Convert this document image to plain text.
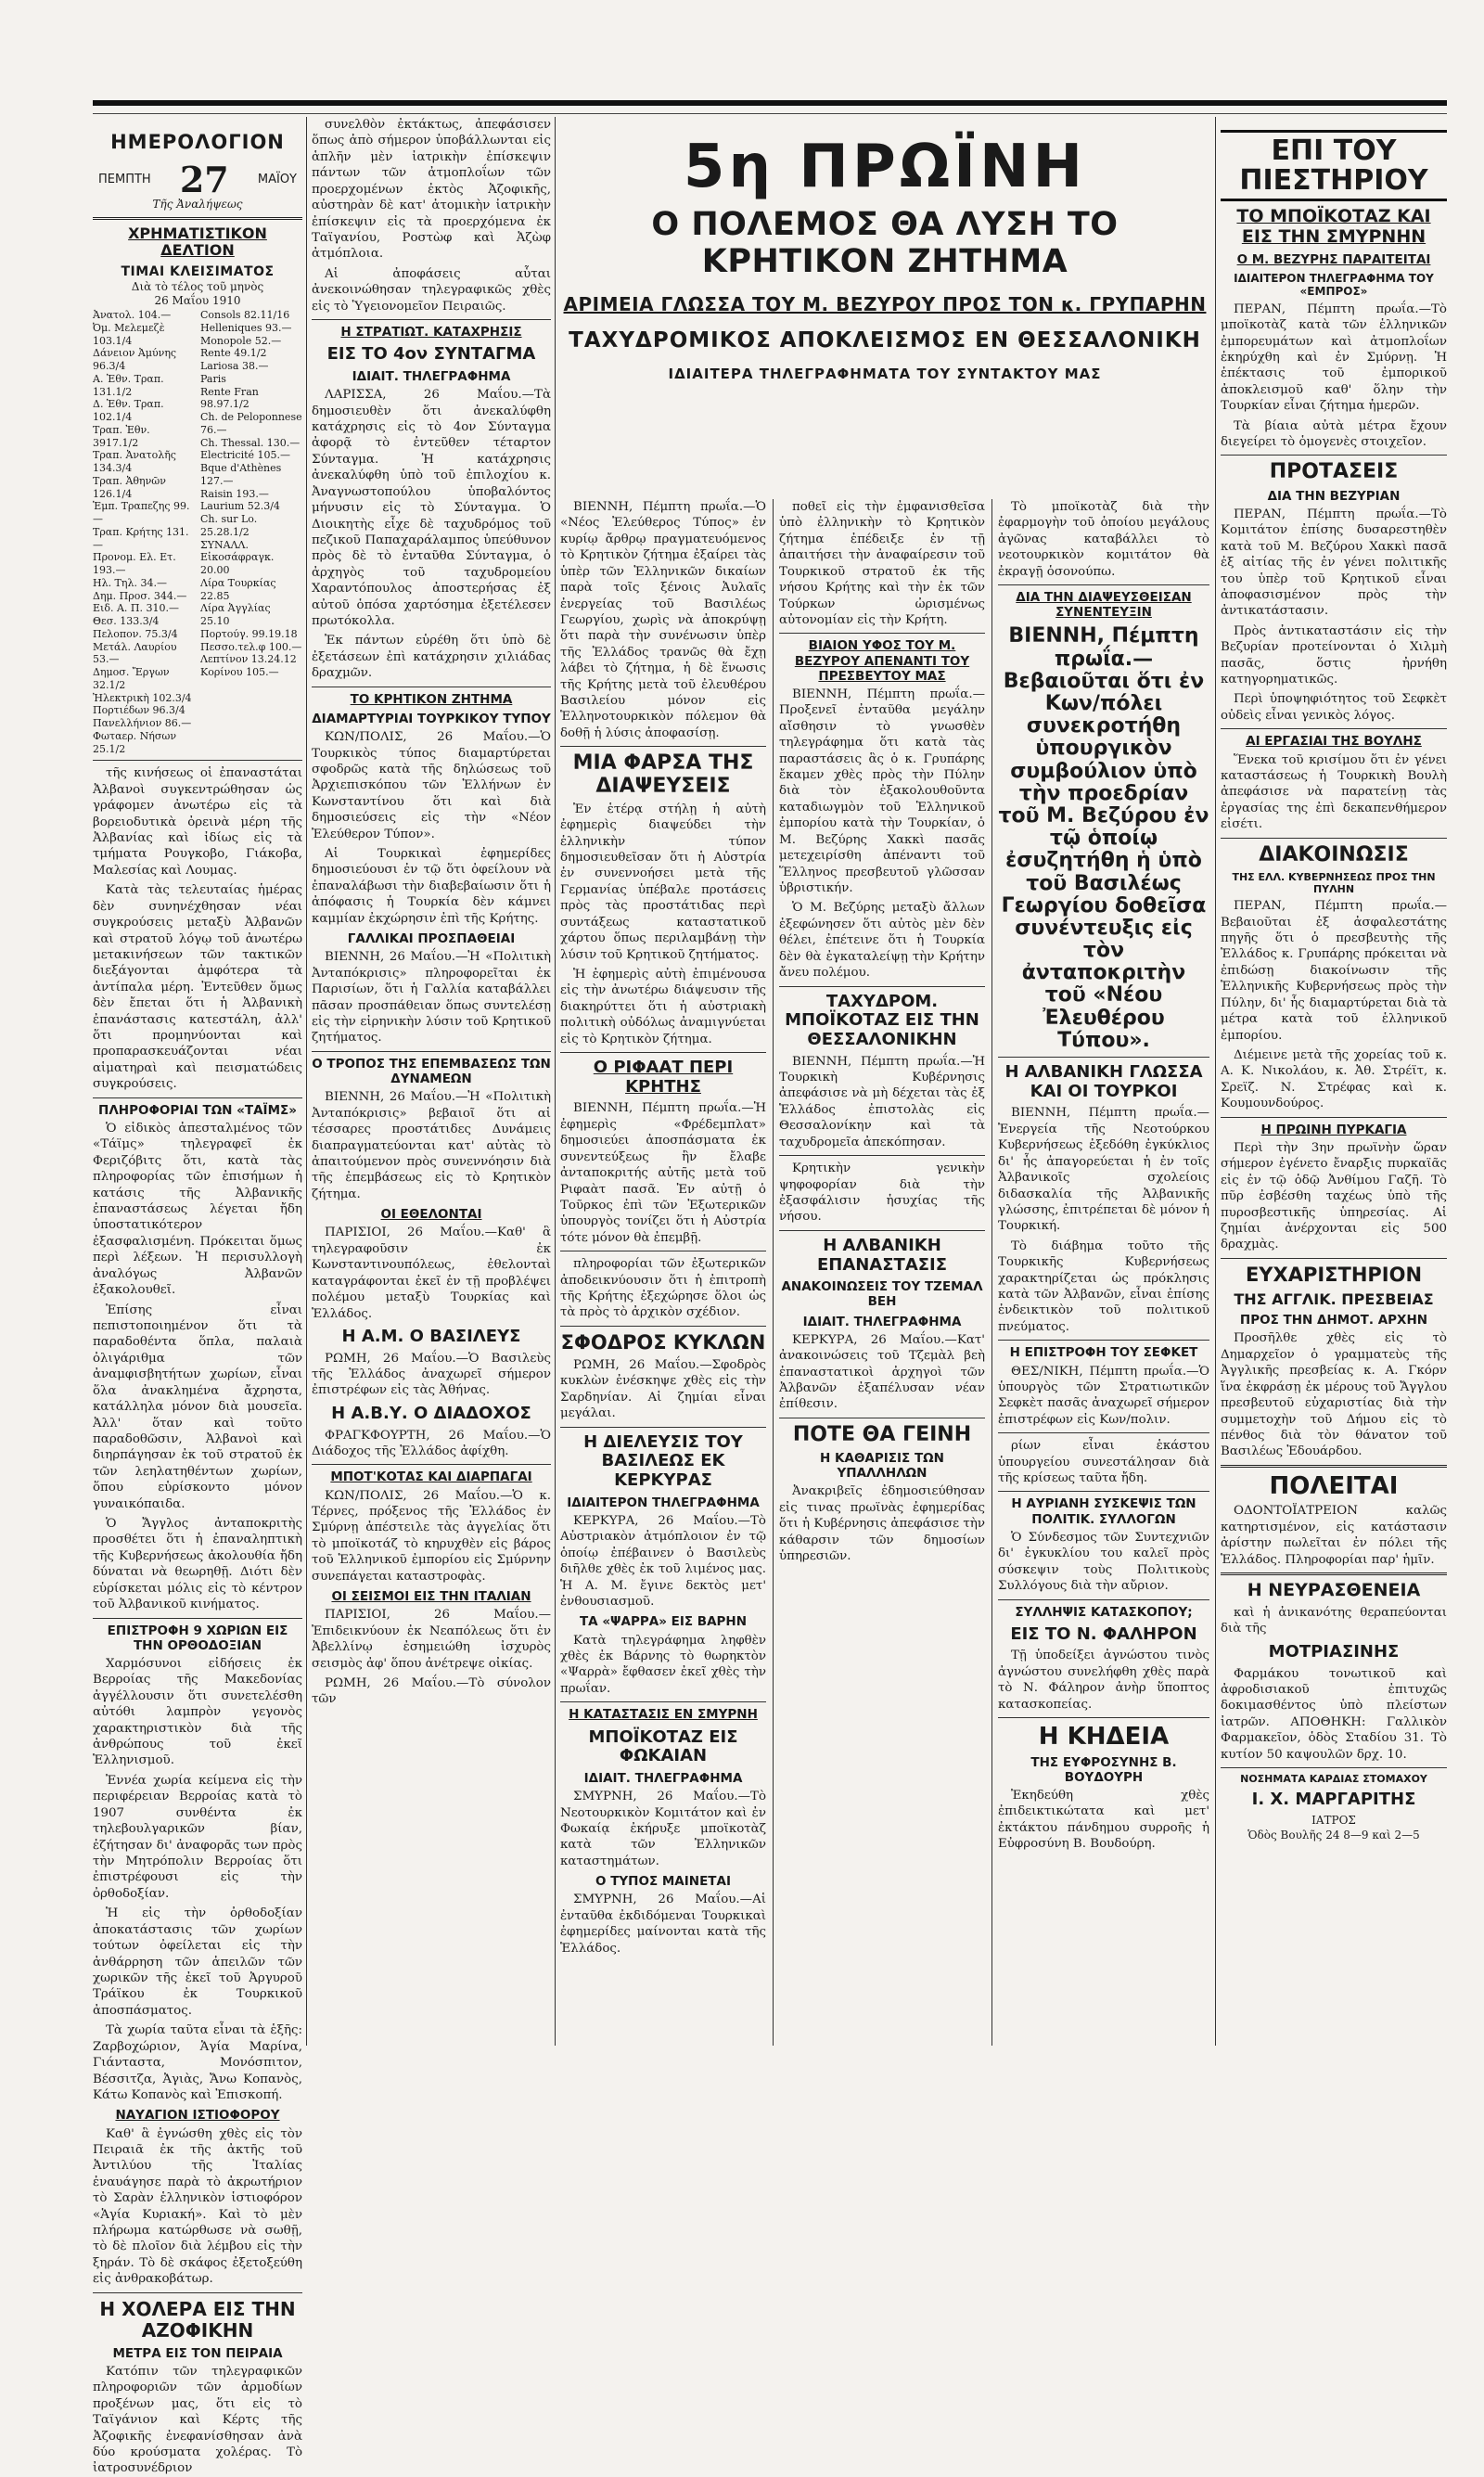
ΗΜΕΡΟΛΟΓΙΟΝ
ΠΕΜΠΤΗ 27 ΜΑΪΟΥ
Τῆς Ἀναλήψεως
ΧΡΗΜΑΤΙΣΤΙΚΟΝ ΔΕΛΤΙΟΝ
ΤΙΜΑΙ ΚΛΕΙΣΙΜΑΤΟΣ
Διὰ τὸ τέλος τοῦ μηνὸς
26 Μαΐου 1910
Ἀνατολ. 104.—
Ὀμ. Μελεμεζὲ 103.1/4
Δάνειον Ἀμύνης 96.3/4
Α. Ἐθν. Τραπ. 131.1/2
Δ. Ἐθν. Τραπ. 102.1/4
Τραπ. Ἐθν. 3917.1/2
Τραπ. Ἀνατολῆς 134.3/4
Τραπ. Ἀθηνῶν 126.1/4
Ἑμπ. Τραπεζης 99.—
Τραπ. Κρήτης 131.—
Προνομ. Ελ. Ετ. 193.—
Ηλ. Τηλ. 34.—
Δημ. Προσ. 344.—
Ειδ. Α. Π. 310.—
Θεσ. 133.3/4
Πελοπον. 75.3/4
Μετάλ. Λαυρίου 53.—
Δημοσ. Ἔργων 32.1/2
Ἠλεκτρικὴ 102.3/4
Πορτιέδων 96.3/4
Πανελλήνιον 86.—
Φωταερ. Νήσων 25.1/2
Consols 82.11/16
Helleniques 93.—
Monopole 52.—
Rente 49.1/2
Lariosa 38.—
Paris
Rente Fran 98.97.1/2
Ch. de Peloponnese 76.—
Ch. Thessal. 130.—
Electricité 105.—
Bque d'Athènes 127.—
Raisin 193.—
Laurium 52.3/4
Ch. sur Lo. 25.28.1/2
ΣΥΝΑΛΛ.
Εἰκοσάφραγκ. 20.00
Λίρα Τουρκίας 22.85
Λίρα Ἀγγλίας 25.10
Πορτούγ. 99.19.18
Πεσσο.τελ.φ 100.—
Λεπτίνον 13.24.12
Κορίνου 105.—

τῆς κινήσεως οἱ ἐπαναστάται Ἀλβανοὶ συγκεντρώθησαν ὡς γράφομεν ἀνωτέρω εἰς τὰ βορειοδυτικὰ ὀρεινὰ μέρη τῆς Ἀλβανίας καὶ ἰδίως εἰς τὰ τμήματα Ρουγκοβο, Γιάκοβα, Μαλεσίας καὶ Λουμας.

Κατὰ τὰς τελευταίας ἡμέρας δὲν συνηνέχθησαν νέαι συγκρούσεις μεταξὺ Ἀλβανῶν καὶ στρατοῦ λόγῳ τοῦ ἀνωτέρω μετακινήσεων τῶν τακτικῶν διεξάγονται ἀμφότερα τὰ ἀντίπαλα μέρη. Ἐντεῦθεν ὅμως δὲν ἔπεται ὅτι ἡ Ἀλβανικὴ ἐπανάστασις κατεστάλη, ἀλλ' ὅτι προμηνύονται καὶ προπαρασκευάζονται νέαι αἱματηραὶ καὶ πεισματώδεις συγκρούσεις.

ΠΛΗΡΟΦΟΡΙΑΙ ΤΩΝ «ΤΑΪΜΣ»

Ὁ εἰδικὸς ἀπεσταλμένος τῶν «Τάϊμς» τηλεγραφεῖ ἐκ Φεριζόβιτς ὅτι, κατὰ τὰς πληροφορίας τῶν ἐπισήμων ἡ κατάσις τῆς Ἀλβανικῆς ἐπαναστάσεως λέγεται ἤδη ὑποστατικότερον ἐξασφαλισμένη. Πρόκειται ὅμως περὶ λέξεων. Ἡ περισυλλογὴ ἀναλόγως Ἀλβανῶν ἐξακολουθεῖ.

Ἐπίσης εἶναι πεπιστοποιημένον ὅτι τὰ παραδοθέντα ὅπλα, παλαιὰ ὀλιγάριθμα τῶν ἀναμφισβητήτων χωρίων, εἶναι ὅλα ἀνακλημένα ἄχρηστα, κατάλληλα μόνον διὰ μουσεῖα. Ἀλλ' ὅταν καὶ τοῦτο παραδοθῶσιν, Ἀλβανοὶ καὶ διηρπάγησαν ἐκ τοῦ στρατοῦ ἐκ τῶν λεηλατηθέντων χωρίων, ὅπου εὑρίσκοντο μόνον γυναικόπαιδα.

Ὁ Ἄγγλος ἀνταποκριτὴς προσθέτει ὅτι ἡ ἐπαναληπτικὴ τῆς Κυβερνήσεως ἀκολουθία ἤδη δύναται νὰ θεωρηθῇ. Διότι δὲν εὑρίσκεται μόλις εἰς τὸ κέντρον τοῦ Ἀλβανικοῦ κινήματος.

ΕΠΙΣΤΡΟΦΗ 9 ΧΩΡΙΩΝ ΕΙΣ ΤΗΝ ΟΡΘΟΔΟΞΙΑΝ

Χαρμόσυνοι εἰδήσεις ἐκ Βερροίας τῆς Μακεδονίας ἀγγέλλουσιν ὅτι συνετελέσθη αὐτόθι λαμπρὸν γεγονὸς χαρακτηριστικὸν διὰ τῆς ἀνθρώπους τοῦ ἐκεῖ Ἑλληνισμοῦ.

Ἐννέα χωρία κείμενα εἰς τὴν περιφέρειαν Βερροίας κατὰ τὸ 1907 συνθέντα ἐκ τηλεβουλγαρικῶν βίαν, ἐζήτησαν δι' ἀναφορᾶς των πρὸς τὴν Μητρόπολιν Βερροίας ὅτι ἐπιστρέφουσι εἰς τὴν ὀρθοδοξίαν.

Ἡ εἰς τὴν ὀρθοδοξίαν ἀποκατάστασις τῶν χωρίων τούτων ὀφείλεται εἰς τὴν ἀνθάρρηση τῶν ἀπειλῶν τῶν χωρικῶν τῆς ἐκεῖ τοῦ Ἀργυροῦ Τράϊκου ἐκ Τουρκικοῦ ἀποσπάσματος.

Τὰ χωρία ταῦτα εἶναι τὰ ἑξῆς: Ζαρβοχώριον, Ἁγία Μαρίνα, Γιάνταστα, Μονόσπιτον, Βέσσιτζα, Ἀγιὰς, Ἄνω Κοπανὸς, Κάτω Κοπανὸς καὶ Ἐπισκοπή.

ΝΑΥΑΓΙΟΝ ΙΣΤΙΟΦΟΡΟΥ

Καθ' ἃ ἐγνώσθη χθὲς εἰς τὸν Πειραιᾶ ἐκ τῆς ἀκτῆς τοῦ Ἀντιλύου τῆς Ἰταλίας ἐναυάγησε παρὰ τὸ ἀκρωτήριον τὸ Σαρὰν ἑλληνικὸν ἱστιοφόρον «Ἁγία Κυριακή». Καὶ τὸ μὲν πλήρωμα κατώρθωσε νὰ σωθῇ, τὸ δὲ πλοῖον διὰ λέμβου εἰς τὴν ξηράν. Τὸ δὲ σκάφος ἐξετοξεύθη εἰς ἀνθρακοβάτωρ.

Η ΧΟΛΕΡΑ ΕΙΣ ΤΗΝ ΑΖΟΦΙΚΗΝ
ΜΕΤΡΑ ΕΙΣ ΤΟΝ ΠΕΙΡΑΙΑ

Κατόπιν τῶν τηλεγραφικῶν πληροφοριῶν τῶν ἀρμοδίων προξένων μας, ὅτι εἰς τὸ Ταϊγάνιον καὶ Κέρτς τῆς Ἀζοφικῆς ἐνεφανίσθησαν ἀνὰ δύο κρούσματα χολέρας. Τὸ ἰατροσυνέδριον

συνελθὸν ἐκτάκτως, ἀπεφάσισεν ὅπως ἀπὸ σήμερον ὑποβάλλωνται εἰς ἁπλῆν μὲν ἰατρικὴν ἐπίσκεψιν πάντων τῶν ἀτμοπλοΐων τῶν προερχομένων ἐκτὸς Ἀζοφικῆς, αὐστηρὰν δὲ κατ' ἀτομικὴν ἰατρικὴν ἐπίσκεψιν εἰς τὰ προερχόμενα ἐκ Ταϊγανίου, Ροστὼφ καὶ Ἀζὼφ ἀτμόπλοια.

Αἱ ἀποφάσεις αὗται ἀνεκοινώθησαν τηλεγραφικῶς χθὲς εἰς τὸ Ὑγειονομεῖον Πειραιῶς.

Η ΣΤΡΑΤΙΩΤ. ΚΑΤΑΧΡΗΣΙΣ
ΕΙΣ ΤΟ 4ον ΣΥΝΤΑΓΜΑ
ΙΔΙΑΙΤ. ΤΗΛΕΓΡΑΦΗΜΑ

ΛΑΡΙΣΣΑ, 26 Μαΐου.—Τὰ δημοσιευθὲν ὅτι ἀνεκαλύφθη κατάχρησις εἰς τὸ 4ον Σύνταγμα ἀφορᾷ τὸ ἐντεῦθεν τέταρτον Σύνταγμα. Ἡ κατάχρησις ἀνεκαλύφθη ὑπὸ τοῦ ἐπιλοχίου κ. Ἀναγνωστοπούλου ὑποβαλόντος μήνυσιν εἰς τὸ Σύνταγμα. Ὁ Διοικητὴς εἶχε δὲ ταχυδρόμος τοῦ πεζικοῦ Παπαχαράλαμπος ὑπεύθυνον πρὸς δὲ τὸ ἐνταῦθα Σύνταγμα, ὁ ἀρχηγὸς τοῦ ταχυδρομείου Χαραντόπουλος ἀποστερήσας ἐξ αὐτοῦ ὁπόσα χαρτόσημα ἐξετέλεσεν πρωτόκολλα.

Ἐκ πάντων εὑρέθη ὅτι ὑπὸ δὲ ἐξετάσεων ἐπὶ κατάχρησιν χιλιάδας δραχμῶν.

ΤΟ ΚΡΗΤΙΚΟΝ ΖΗΤΗΜΑ
ΔΙΑΜΑΡΤΥΡΙΑΙ ΤΟΥΡΚΙΚΟΥ ΤΥΠΟΥ

ΚΩΝ/ΠΟΛΙΣ, 26 Μαΐου.—Ὁ Τουρκικὸς τύπος διαμαρτύρεται σφοδρῶς κατὰ τῆς δηλώσεως τοῦ Ἀρχιεπισκόπου τῶν Ἑλλήνων ἐν Κωνσταντίνου ὅτι καὶ διὰ δημοσιεύσεις εἰς τὴν «Νέον Ἐλεύθερον Τύπον».

Αἱ Τουρκικαὶ ἐφημερίδες δημοσιεύουσι ἐν τῷ ὅτι ὀφείλουν νὰ ἐπαναλάβωσι τὴν διαβεβαίωσιν ὅτι ἡ ἀπόφασις ἡ Τουρκία δὲν κάμνει καμμίαν ἐκχώρησιν ἐπὶ τῆς Κρήτης.

ΓΑΛΛΙΚΑΙ ΠΡΟΣΠΑΘΕΙΑΙ

ΒΙΕΝΝΗ, 26 Μαΐου.—Ἡ «Πολιτικὴ Ἀνταπόκρισις» πληροφορεῖται ἐκ Παρισίων, ὅτι ἡ Γαλλία καταβάλλει πᾶσαν προσπάθειαν ὅπως συντελέσῃ εἰς τὴν εἰρηνικὴν λύσιν τοῦ Κρητικοῦ ζητήματος.

Ο ΤΡΟΠΟΣ ΤΗΣ ΕΠΕΜΒΑΣΕΩΣ ΤΩΝ ΔΥΝΑΜΕΩΝ

ΒΙΕΝΝΗ, 26 Μαΐου.—Ἡ «Πολιτικὴ Ἀνταπόκρισις» βεβαιοῖ ὅτι αἱ τέσσαρες προστάτιδες Δυνάμεις διαπραγματεύονται κατ' αὐτὰς τὸ ἀπαιτούμενον πρὸς συνεννόησιν διὰ τῆς ἐπεμβάσεως εἰς τὸ Κρητικὸν ζήτημα.

ΟΙ ΕΘΕΛΟΝΤΑΙ

ΠΑΡΙΣΙΟΙ, 26 Μαΐου.—Καθ' ἃ τηλεγραφοῦσιν ἐκ Κωνσταντινουπόλεως, ἐθελονταὶ καταγράφονται ἐκεῖ ἐν τῇ προβλέψει πολέμου μεταξὺ Τουρκίας καὶ Ἑλλάδος.

Η Α.Μ. Ο ΒΑΣΙΛΕΥΣ

ΡΩΜΗ, 26 Μαΐου.—Ὁ Βασιλεὺς τῆς Ἑλλάδος ἀναχωρεῖ σήμερον ἐπιστρέφων εἰς τὰς Ἀθήνας.

Η Α.Β.Υ. Ο ΔΙΑΔΟΧΟΣ

ΦΡΑΓΚΦΟΥΡΤΗ, 26 Μαΐου.—Ὁ Διάδοχος τῆς Ἑλλάδος ἀφίχθη.

ΜΠΟΤ'ΚΟΤΑΣ ΚΑΙ ΔΙΑΡΠΑΓΑΙ

ΚΩΝ/ΠΟΛΙΣ, 26 Μαΐου.—Ὁ κ. Τέρνες, πρόξενος τῆς Ἑλλάδος ἐν Σμύρνῃ ἀπέστειλε τὰς ἀγγελίας ὅτι τὸ μποϊκοτάζ τὸ κηρυχθὲν εἰς βάρος τοῦ Ἑλληνικοῦ ἐμπορίου εἰς Σμύρνην συνεπάγεται καταστροφὰς.

ΟΙ ΣΕΙΣΜΟΙ ΕΙΣ ΤΗΝ ΙΤΑΛΙΑΝ

ΠΑΡΙΣΙΟΙ, 26 Μαΐου.—Ἐπιδεικνύουν ἐκ Νεαπόλεως ὅτι ἐν Ἀβελλίνῳ ἐσημειώθη ἰσχυρὸς σεισμὸς ἀφ' ὅπου ἀνέτρεψε οἰκίας.

ΡΩΜΗ, 26 Μαΐου.—Τὸ σύνολον τῶν

5η ΠΡΩΪΝΗ
Ο ΠΟΛΕΜΟΣ ΘΑ ΛΥΣΗ ΤΟ ΚΡΗΤΙΚΟΝ ΖΗΤΗΜΑ
ΑΡΙΜΕΙΑ ΓΛΩΣΣΑ ΤΟΥ Μ. ΒΕΖΥΡΟΥ ΠΡΟΣ ΤΟΝ κ. ΓΡΥΠΑΡΗΝ
ΤΑΧΥΔΡΟΜΙΚΟΣ ΑΠΟΚΛΕΙΣΜΟΣ ΕΝ ΘΕΣΣΑΛΟΝΙΚΗ
ΙΔΙΑΙΤΕΡΑ ΤΗΛΕΓΡΑΦΗΜΑΤΑ ΤΟΥ ΣΥΝΤΑΚΤΟΥ ΜΑΣ

ΒΙΕΝΝΗ, Πέμπτη πρωΐα.—Ὁ «Νέος Ἐλεύθερος Τύπος» ἐν κυρίῳ ἄρθρῳ πραγματευόμενος τὸ Κρητικὸν ζήτημα ἐξαίρει τὰς ὑπὲρ τῶν Ἑλληνικῶν δικαίων παρὰ τοῖς ξένοις Ἀυλαῖς ἐνεργείας τοῦ Βασιλέως Γεωργίου, χωρὶς νὰ ἀποκρύψῃ ὅτι παρὰ τὴν συνένωσιν ὑπὲρ τῆς Ἑλλάδος τρανῶς θὰ ἔχῃ λάβει τὸ ζήτημα, ἡ δὲ ἕνωσις τῆς Κρήτης μετὰ τοῦ ἐλευθέρου Βασιλείου μόνον εἰς Ἑλληνοτουρκικὸν πόλεμον θὰ δοθῇ ἡ λύσις ἀποφασίσῃ.

ΜΙΑ ΦΑΡΣΑ ΤΗΣ ΔΙΑΨΕΥΣΕΙΣ

Ἐν ἑτέρᾳ στήλῃ ἡ αὐτὴ ἐφημερὶς διαψεύδει τὴν ἑλληνικὴν τύπον δημοσιευθεῖσαν ὅτι ἡ Αὐστρία ἐν συνεννοήσει μετὰ τῆς Γερμανίας ὑπέβαλε προτάσεις πρὸς τὰς προστάτιδας περὶ συντάξεως καταστατικοῦ χάρτου ὅπως περιλαμβάνῃ τὴν λύσιν τοῦ Κρητικοῦ ζητήματος.

Ἡ ἐφημερὶς αὐτὴ ἐπιμένουσα εἰς τὴν ἀνωτέρω διάψευσιν τῆς διακηρύττει ὅτι ἡ αὐστριακὴ πολιτικὴ οὐδόλως ἀναμιγνύεται εἰς τὸ Κρητικὸν ζήτημα.

Ο ΡΙΦΑΑΤ ΠΕΡΙ ΚΡΗΤΗΣ

ΒΙΕΝΝΗ, Πέμπτη πρωΐα.—Ἡ ἐφημερὶς «Φρέδεμπλατ» δημοσιεύει ἀποσπάσματα ἐκ συνεντεύξεως ἣν ἔλαβε ἀνταποκριτής αὐτῆς μετὰ τοῦ Ριφαὰτ πασᾶ. Ἐν αὐτῇ ὁ Τοῦρκος ἐπὶ τῶν Ἐξωτερικῶν ὑπουργὸς τονίζει ὅτι ἡ Αὐστρία τότε μόνον θὰ ἐπεμβῇ.

πληροφορίαι τῶν ἐξωτερικῶν ἀποδεικνύουσιν ὅτι ἡ ἐπιτροπὴ τῆς Κρήτης ἐξεχώρησε ὅλοι ὡς τὰ πρὸς τὸ ἀρχικὸν σχέδιον.

ΣΦΟΔΡΟΣ ΚΥΚΛΩΝ

ΡΩΜΗ, 26 Μαΐου.—Σφοδρὸς κυκλὼν ἐνέσκηψε χθὲς εἰς τὴν Σαρδηνίαν. Αἱ ζημίαι εἶναι μεγάλαι.

Η ΔΙΕΛΕΥΣΙΣ ΤΟΥ ΒΑΣΙΛΕΩΣ ΕΚ ΚΕΡΚΥΡΑΣ
ΙΔΙΑΙΤΕΡΟΝ ΤΗΛΕΓΡΑΦΗΜΑ

ΚΕΡΚΥΡΑ, 26 Μαΐου.—Τὸ Αὐστριακὸν ἀτμόπλοιον ἐν τῷ ὁποίῳ ἐπέβαινεν ὁ Βασιλεὺς διῆλθε χθὲς ἐκ τοῦ λιμένος μας. Ἡ Α. Μ. ἔγινε δεκτὸς μετ' ἐνθουσιασμοῦ.

ΤΑ «ΨΑΡΡΑ» ΕΙΣ ΒΑΡΗΝ

Κατὰ τηλεγράφημα ληφθὲν χθὲς ἐκ Βάρνης τὸ θωρηκτὸν «Ψαρρὰ» ἔφθασεν ἐκεῖ χθὲς τὴν πρωΐαν.

Η ΚΑΤΑΣΤΑΣΙΣ ΕΝ ΣΜΥΡΝΗ
ΜΠΟΪΚΟΤΑΖ ΕΙΣ ΦΩΚΑΙΑΝ
ΙΔΙΑΙΤ. ΤΗΛΕΓΡΑΦΗΜΑ

ΣΜΥΡΝΗ, 26 Μαΐου.—Τὸ Νεοτουρκικὸν Κομιτάτον καὶ ἐν Φωκαίᾳ ἐκήρυξε μποϊκοτὰζ κατὰ τῶν Ἑλληνικῶν καταστημάτων.

Ο ΤΥΠΟΣ ΜΑΙΝΕΤΑΙ

ΣΜΥΡΝΗ, 26 Μαΐου.—Αἱ ἐνταῦθα ἐκδιδόμεναι Τουρκικαὶ ἐφημερίδες μαίνονται κατὰ τῆς Ἑλλάδος.

ποθεῖ εἰς τὴν ἐμφανισθεῖσα ὑπὸ ἐλληνικὴν τὸ Κρητικὸν ζήτημα ἐπέδειξε ἐν τῇ ἀπαιτήσει τὴν ἀναφαίρεσιν τοῦ Τουρκικοῦ στρατοῦ ἐκ τῆς νήσου Κρήτης καὶ τὴν ἐκ τῶν Τούρκων ὠρισμένως αὐτονομίαν εἰς τὴν Κρήτη.

ΒΙΑΙΟΝ ΥΦΟΣ ΤΟΥ Μ. ΒΕΖΥΡΟΥ ΑΠΕΝΑΝΤΙ ΤΟΥ ΠΡΕΣΒΕΥΤΟΥ ΜΑΣ

ΒΙΕΝΝΗ, Πέμπτη πρωΐα.—Προξενεῖ ἐνταῦθα μεγάλην αἴσθησιν τὸ γνωσθὲν τηλεγράφημα ὅτι κατὰ τὰς παραστάσεις ἃς ὁ κ. Γρυπάρης ἔκαμεν χθὲς πρὸς τὴν Πύλην διὰ τὸν ἐξακολουθοῦντα καταδιωγμὸν τοῦ Ἑλληνικοῦ ἐμπορίου κατὰ τὴν Τουρκίαν, ὁ Μ. Βεζύρης Χακκὶ πασᾶς μετεχειρίσθη ἀπέναντι τοῦ Ἕλληνος πρεσβευτοῦ γλῶσσαν ὑβριστικήν.

Ὁ Μ. Βεζύρης μεταξὺ ἄλλων ἐξεφώνησεν ὅτι αὐτὸς μὲν δὲν θέλει, ἐπέτεινε ὅτι ἡ Τουρκία δὲν θὰ ἐγκαταλείψῃ τὴν Κρήτην ἄνευ πολέμου.

ΤΑΧΥΔΡΟΜ. ΜΠΟΪΚΟΤΑΖ ΕΙΣ ΤΗΝ ΘΕΣΣΑΛΟΝΙΚΗΝ

ΒΙΕΝΝΗ, Πέμπτη πρωΐα.—Ἡ Τουρκικὴ Κυβέρνησις ἀπεφάσισε νὰ μὴ δέχεται τὰς ἐξ Ἑλλάδος ἐπιστολὰς εἰς Θεσσαλονίκην καὶ τὰ ταχυδρομεῖα ἀπεκόπησαν.

Κρητικὴν γενικὴν ψηφοφορίαν διὰ τὴν ἐξασφάλισιν ἡσυχίας τῆς νήσου.

Η ΑΛΒΑΝΙΚΗ ΕΠΑΝΑΣΤΑΣΙΣ
ΑΝΑΚΟΙΝΩΣΕΙΣ ΤΟΥ ΤΖΕΜΑΛ ΒΕΗ
ΙΔΙΑΙΤ. ΤΗΛΕΓΡΑΦΗΜΑ

ΚΕΡΚΥΡΑ, 26 Μαΐου.—Κατ' ἀνακοινώσεις τοῦ Τζεμὰλ βεὴ ἐπαναστατικοὶ ἀρχηγοὶ τῶν Ἀλβανῶν ἐξαπέλυσαν νέαν ἐπίθεσιν.

ΠΟΤΕ ΘΑ ΓΕΙΝΗ
Η ΚΑΘΑΡΙΣΙΣ ΤΩΝ ΥΠΑΛΛΗΛΩΝ

Ἀνακριβεῖς ἐδημοσιεύθησαν εἰς τινας πρωϊνὰς ἐφημερίδας ὅτι ἡ Κυβέρνησις ἀπεφάσισε τὴν κάθαρσιν τῶν δημοσίων ὑπηρεσιῶν.

Τὸ μποϊκοτὰζ διὰ τὴν ἐφαρμογὴν τοῦ ὁποίου μεγάλους ἀγῶνας καταβάλλει τὸ νεοτουρκικὸν κομιτάτον θὰ ἐκραγῇ ὁσονούπω.

ΔΙΑ ΤΗΝ ΔΙΑΨΕΥΣΘΕΙΣΑΝ ΣΥΝΕΝΤΕΥΞΙΝ
ΒΙΕΝΝΗ, Πέμπτη πρωΐα.—Βεβαιοῦται ὅτι ἐν Κων/πόλει συνεκροτήθη ὑπουργικὸν συμβούλιον ὑπὸ τὴν προεδρίαν τοῦ Μ. Βεζύρου ἐν τῷ ὁποίῳ ἐσυζητήθη ἡ ὑπὸ τοῦ Βασιλέως Γεωργίου δοθεῖσα συνέντευξις εἰς τὸν ἀνταποκριτὴν τοῦ «Νέου Ἐλευθέρου Τύπου».
Η ΑΛΒΑΝΙΚΗ ΓΛΩΣΣΑ ΚΑΙ ΟΙ ΤΟΥΡΚΟΙ

ΒΙΕΝΝΗ, Πέμπτη πρωΐα.—Ἐνεργεία τῆς Νεοτούρκου Κυβερνήσεως ἐξεδόθη ἐγκύκλιος δι' ἧς ἀπαγορεύεται ἡ ἐν τοῖς Ἀλβανικοῖς σχολείοις διδασκαλία τῆς Ἀλβανικῆς γλώσσης, ἐπιτρέπεται δὲ μόνον ἡ Τουρκική.

Τὸ διάβημα τοῦτο τῆς Τουρκικῆς Κυβερνήσεως χαρακτηρίζεται ὡς πρόκλησις κατὰ τῶν Ἀλβανῶν, εἶναι ἐπίσης ἐνδεικτικὸν τοῦ πολιτικοῦ πνεύματος.

Η ΕΠΙΣΤΡΟΦΗ ΤΟΥ ΣΕΦΚΕΤ

ΘΕΣ/ΝΙΚΗ, Πέμπτη πρωΐα.—Ὁ ὑπουργὸς τῶν Στρατιωτικῶν Σεφκὲτ πασᾶς ἀναχωρεῖ σήμερον ἐπιστρέφων εἰς Κων/πολιν.

ρίων εἶναι ἑκάστου ὑπουργείου συνεστάλησαν διὰ τῆς κρίσεως ταῦτα ἤδη.

Η ΑΥΡΙΑΝΗ ΣΥΣΚΕΨΙΣ ΤΩΝ ΠΟΛΙΤΙΚ. ΣΥΛΛΟΓΩΝ

Ὁ Σύνδεσμος τῶν Συντεχνιῶν δι' ἐγκυκλίου του καλεῖ πρὸς σύσκεψιν τοὺς Πολιτικοὺς Συλλόγους διὰ τὴν αὔριον.

ΣΥΛΛΗΨΙΣ ΚΑΤΑΣΚΟΠΟΥ;
ΕΙΣ ΤΟ Ν. ΦΑΛΗΡΟΝ

Τῇ ὑποδείξει ἀγνώστου τινὸς ἀγνώστου συνελήφθη χθὲς παρὰ τὸ Ν. Φάληρον ἀνὴρ ὕποπτος κατασκοπείας.

Η ΚΗΔΕΙΑ
ΤΗΣ ΕΥΦΡΟΣΥΝΗΣ Β. ΒΟΥΔΟΥΡΗ

Ἐκηδεύθη χθὲς ἐπιδεικτικώτατα καὶ μετ' ἐκτάκτου πάνδημου συρροῆς ἡ Εὐφροσύνη Β. Βουδούρη.

ΕΠΙ ΤΟΥ ΠΙΕΣΤΗΡΙΟΥ
ΤΟ ΜΠΟΪΚΟΤΑΖ ΚΑΙ ΕΙΣ ΤΗΝ ΣΜΥΡΝΗΝ
Ο Μ. ΒΕΖΥΡΗΣ ΠΑΡΑΙΤΕΙΤΑΙ
ΙΔΙΑΙΤΕΡΟΝ ΤΗΛΕΓΡΑΦΗΜΑ ΤΟΥ «ΕΜΠΡΟΣ»

ΠΕΡΑΝ, Πέμπτη πρωΐα.—Τὸ μποϊκοτὰζ κατὰ τῶν ἑλληνικῶν ἐμπορευμάτων καὶ ἀτμοπλοΐων ἐκηρύχθη καὶ ἐν Σμύρνῃ. Ἡ ἐπέκτασις τοῦ ἐμπορικοῦ ἀποκλεισμοῦ καθ' ὅλην τὴν Τουρκίαν εἶναι ζήτημα ἡμερῶν.

Τὰ βίαια αὐτὰ μέτρα ἔχουν διεγείρει τὸ ὁμογενὲς στοιχεῖον.

ΠΡΟΤΑΣΕΙΣ
ΔΙΑ ΤΗΝ ΒΕΖΥΡΙΑΝ

ΠΕΡΑΝ, Πέμπτη πρωΐα.—Τὸ Κομιτάτον ἐπίσης δυσαρεστηθὲν κατὰ τοῦ Μ. Βεζύρου Χακκὶ πασᾶ ἐξ αἰτίας τῆς ἐν γένει πολιτικῆς του ὑπὲρ τοῦ Κρητικοῦ εἶναι ἀποφασισμένον πρὸς τὴν ἀντικατάστασιν.

Πρὸς ἀντικαταστάσιν εἰς τὴν Βεζυρίαν προτείνονται ὁ Χιλμὴ πασᾶς, ὅστις ἠρνήθη κατηγορηματικῶς.

Περὶ ὑποψηφιότητος τοῦ Σεφκὲτ οὐδεὶς εἶναι γενικὸς λόγος.

ΑΙ ΕΡΓΑΣΙΑΙ ΤΗΣ ΒΟΥΛΗΣ

Ἕνεκα τοῦ κρισίμου ὅτι ἐν γένει καταστάσεως ἡ Τουρκικὴ Βουλὴ ἀπεφάσισε νὰ παρατείνῃ τὰς ἐργασίας της ἐπὶ δεκαπενθήμερον εἰσέτι.

ΔΙΑΚΟΙΝΩΣΙΣ
ΤΗΣ ΕΛΛ. ΚΥΒΕΡΝΗΣΕΩΣ ΠΡΟΣ ΤΗΝ ΠΥΛΗΝ

ΠΕΡΑΝ, Πέμπτη πρωΐα.—Βεβαιοῦται ἐξ ἀσφαλεστάτης πηγῆς ὅτι ὁ πρεσβευτὴς τῆς Ἑλλάδος κ. Γρυπάρης πρόκειται νὰ ἐπιδώσῃ διακοίνωσιν τῆς Ἑλληνικῆς Κυβερνήσεως πρὸς τὴν Πύλην, δι' ἧς διαμαρτύρεται διὰ τὰ μέτρα κατὰ τοῦ ἑλληνικοῦ ἐμπορίου.

Διέμεινε μετὰ τῆς χορείας τοῦ κ. Α. Κ. Νικολάου, κ. Ἀθ. Στρέϊτ, κ. Σρεϊζ. Ν. Στρέφας καὶ κ. Κουμουνδούρος.

Η ΠΡΩΙΝΗ ΠΥΡΚΑΓΙΑ

Περὶ τὴν 3ην πρωϊνὴν ὥραν σήμερον ἐγένετο ἔναρξις πυρκαϊᾶς εἰς ἐν τῷ ὁδῷ Ἀνθίμου Γαζῆ. Τὸ πῦρ ἐσβέσθη ταχέως ὑπὸ τῆς πυροσβεστικῆς ὑπηρεσίας. Αἱ ζημίαι ἀνέρχονται εἰς 500 δραχμὰς.

ΕΥΧΑΡΙΣΤΗΡΙΟΝ
ΤΗΣ ΑΓΓΛΙΚ. ΠΡΕΣΒΕΙΑΣ
ΠΡΟΣ ΤΗΝ ΔΗΜΟΤ. ΑΡΧΗΝ

Προσῆλθε χθὲς εἰς τὸ Δημαρχεῖον ὁ γραμματεὺς τῆς Ἀγγλικῆς πρεσβείας κ. Α. Γκόρν ἵνα ἐκφράσῃ ἐκ μέρους τοῦ Ἄγγλου πρεσβευτοῦ εὐχαριστίας διὰ τὴν συμμετοχὴν τοῦ Δήμου εἰς τὸ πένθος διὰ τὸν θάνατον τοῦ Βασιλέως Ἐδουάρδου.

ΠΟΛΕΙΤΑΙ

ΟΔΟΝΤΟΪΑΤΡΕΙΟΝ καλῶς κατηρτισμένον, εἰς κατάστασιν ἀρίστην πωλεῖται ἐν πόλει τῆς Ἑλλάδος. Πληροφορίαι παρ' ἡμῖν.

Η ΝΕΥΡΑΣΘΕΝΕΙΑ

καὶ ἡ ἀνικανότης θεραπεύονται διὰ τῆς

ΜΟΤΡΙΑΣΙΝΗΣ

Φαρμάκου τονωτικοῦ καὶ ἀφροδισιακοῦ ἐπιτυχῶς δοκιμασθέντος ὑπὸ πλείστων ἰατρῶν. ΑΠΟΘΗΚΗ: Γαλλικὸν Φαρμακεῖον, ὁδὸς Σταδίου 31. Τὸ κυτίον 50 καψουλῶν δρχ. 10.

ΝΟΣΗΜΑΤΑ ΚΑΡΔΙΑΣ ΣΤΟΜΑΧΟΥ
Ι. Χ. ΜΑΡΓΑΡΙΤΗΣ
ΙΑΤΡΟΣ
Ὁδὸς Βουλῆς 24 8—9 καὶ 2—5
